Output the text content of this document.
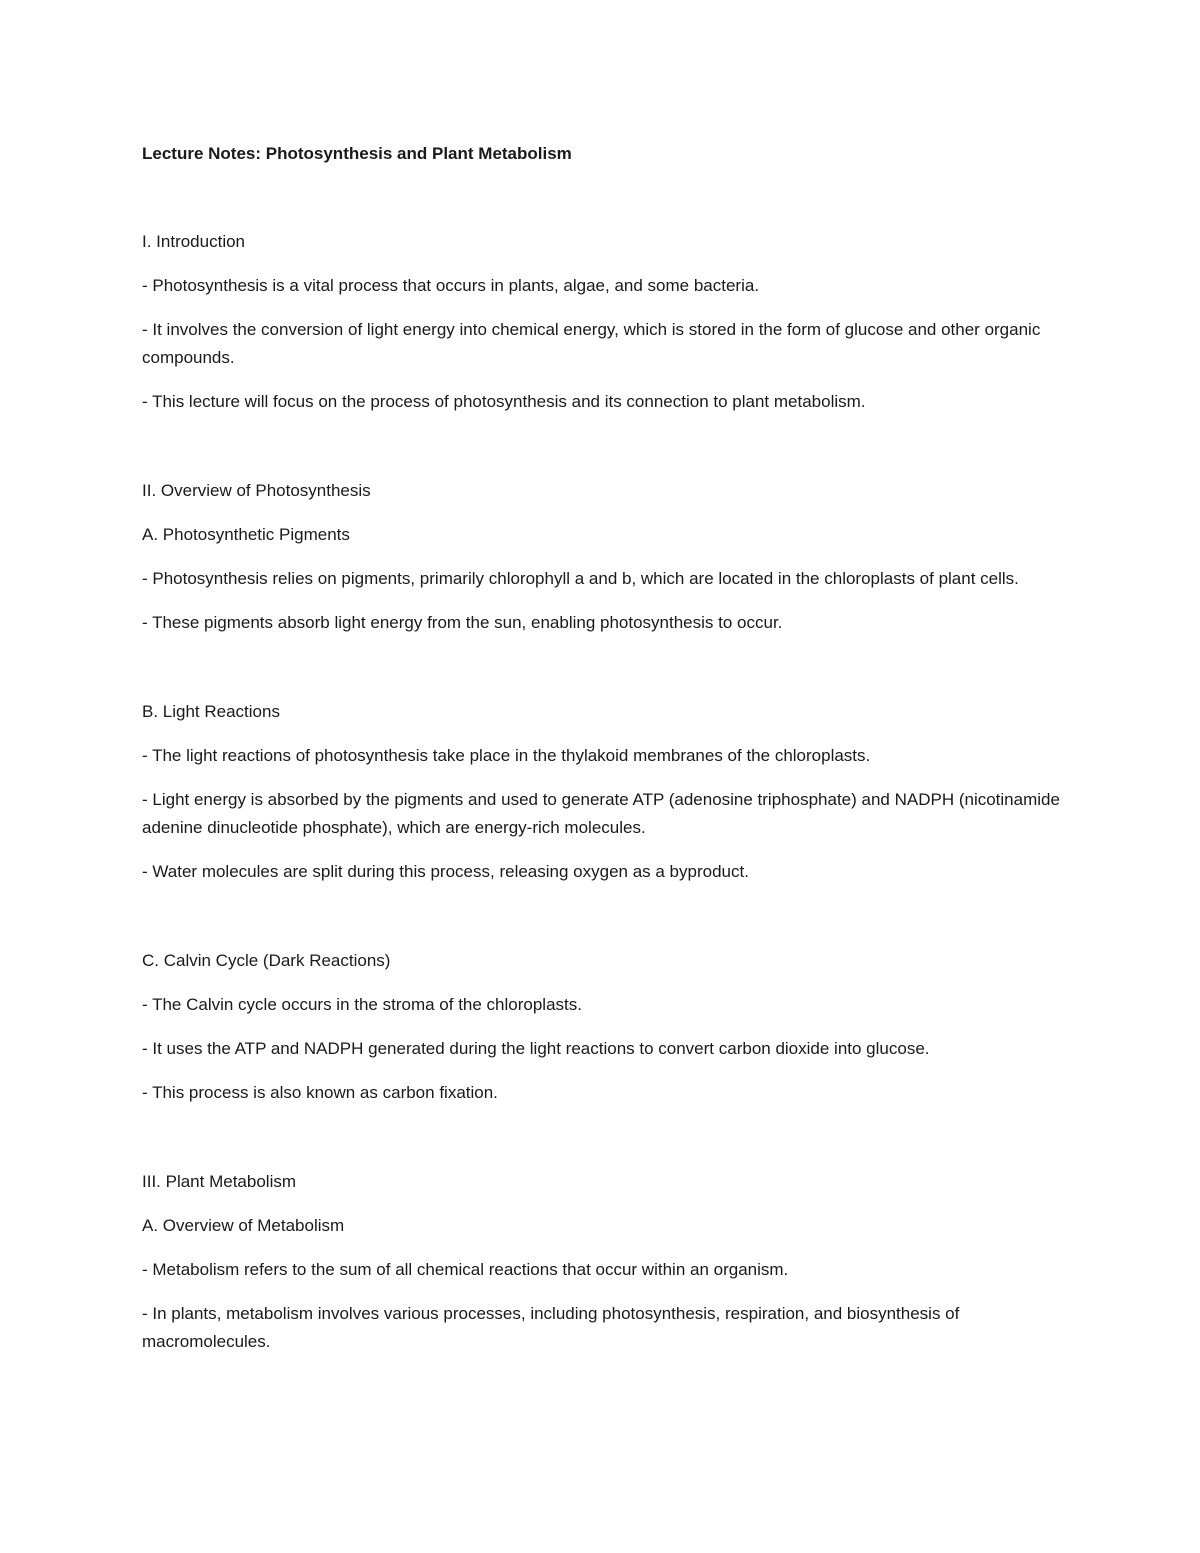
Lecture Notes: Photosynthesis and Plant Metabolism

I. Introduction

- Photosynthesis is a vital process that occurs in plants, algae, and some bacteria.

- It involves the conversion of light energy into chemical energy, which is stored in the form of glucose and other organic compounds.

- This lecture will focus on the process of photosynthesis and its connection to plant metabolism.

II. Overview of Photosynthesis

A. Photosynthetic Pigments

- Photosynthesis relies on pigments, primarily chlorophyll a and b, which are located in the chloroplasts of plant cells.

- These pigments absorb light energy from the sun, enabling photosynthesis to occur.

B. Light Reactions

- The light reactions of photosynthesis take place in the thylakoid membranes of the chloroplasts.

- Light energy is absorbed by the pigments and used to generate ATP (adenosine triphosphate) and NADPH (nicotinamide adenine dinucleotide phosphate), which are energy-rich molecules.

- Water molecules are split during this process, releasing oxygen as a byproduct.

C. Calvin Cycle (Dark Reactions)

- The Calvin cycle occurs in the stroma of the chloroplasts.

- It uses the ATP and NADPH generated during the light reactions to convert carbon dioxide into glucose.

- This process is also known as carbon fixation.

III. Plant Metabolism

A. Overview of Metabolism

- Metabolism refers to the sum of all chemical reactions that occur within an organism.

- In plants, metabolism involves various processes, including photosynthesis, respiration, and biosynthesis of macromolecules.
